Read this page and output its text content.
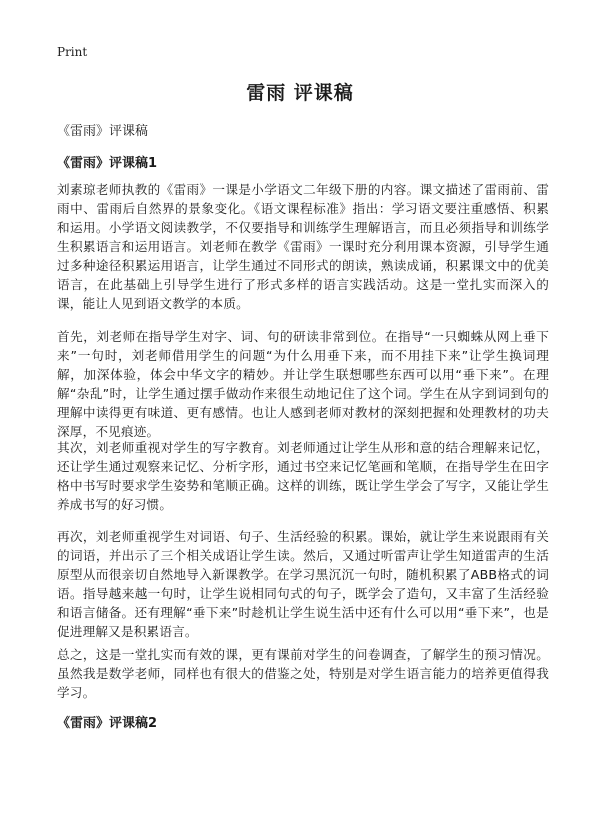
Print
雷雨 评课稿
《雷雨》评课稿
《雷雨》评课稿1

刘素琼老师执教的《雷雨》一课是小学语文二年级下册的内容。课文描述了雷雨前、雷雨中、雷雨后自然界的景象变化。《语文课程标准》指出：学习语文要注重感悟、积累和运用。小学语文阅读教学，不仅要指导和训练学生理解语言，而且必须指导和训练学生积累语言和运用语言。刘老师在教学《雷雨》一课时充分利用课本资源，引导学生通过多种途径积累运用语言，让学生通过不同形式的朗读，熟读成诵，积累课文中的优美语言，在此基础上引导学生进行了形式多样的语言实践活动。这是一堂扎实而深入的课，能让人见到语文教学的本质。

首先，刘老师在指导学生对字、词、句的研读非常到位。在指导“一只蜘蛛从网上垂下来”一句时，刘老师借用学生的问题“为什么用垂下来，而不用挂下来”让学生换词理解，加深体验，体会中华文字的精妙。并让学生联想哪些东西可以用“垂下来”。在理解“杂乱”时，让学生通过摆手做动作来很生动地记住了这个词。学生在从字到词到句的理解中读得更有味道、更有感情。也让人感到老师对教材的深刻把握和处理教材的功夫深厚，不见痕迹。

其次，刘老师重视对学生的写字教育。刘老师通过让学生从形和意的结合理解来记忆，还让学生通过观察来记忆、分析字形，通过书空来记忆笔画和笔顺，在指导学生在田字格中书写时要求学生姿势和笔顺正确。这样的训练，既让学生学会了写字，又能让学生养成书写的好习惯。

再次，刘老师重视学生对词语、句子、生活经验的积累。课始，就让学生来说跟雨有关的词语，并出示了三个相关成语让学生读。然后，又通过听雷声让学生知道雷声的生活原型从而很亲切自然地导入新课教学。在学习黑沉沉一句时，随机积累了ABB格式的词语。指导越来越一句时，让学生说相同句式的句子，既学会了造句，又丰富了生活经验和语言储备。还有理解“垂下来”时趁机让学生说生活中还有什么可以用“垂下来”，也是促进理解又是积累语言。

总之，这是一堂扎实而有效的课，更有课前对学生的问卷调查，了解学生的预习情况。虽然我是数学老师，同样也有很大的借鉴之处，特别是对学生语言能力的培养更值得我学习。

《雷雨》评课稿2
